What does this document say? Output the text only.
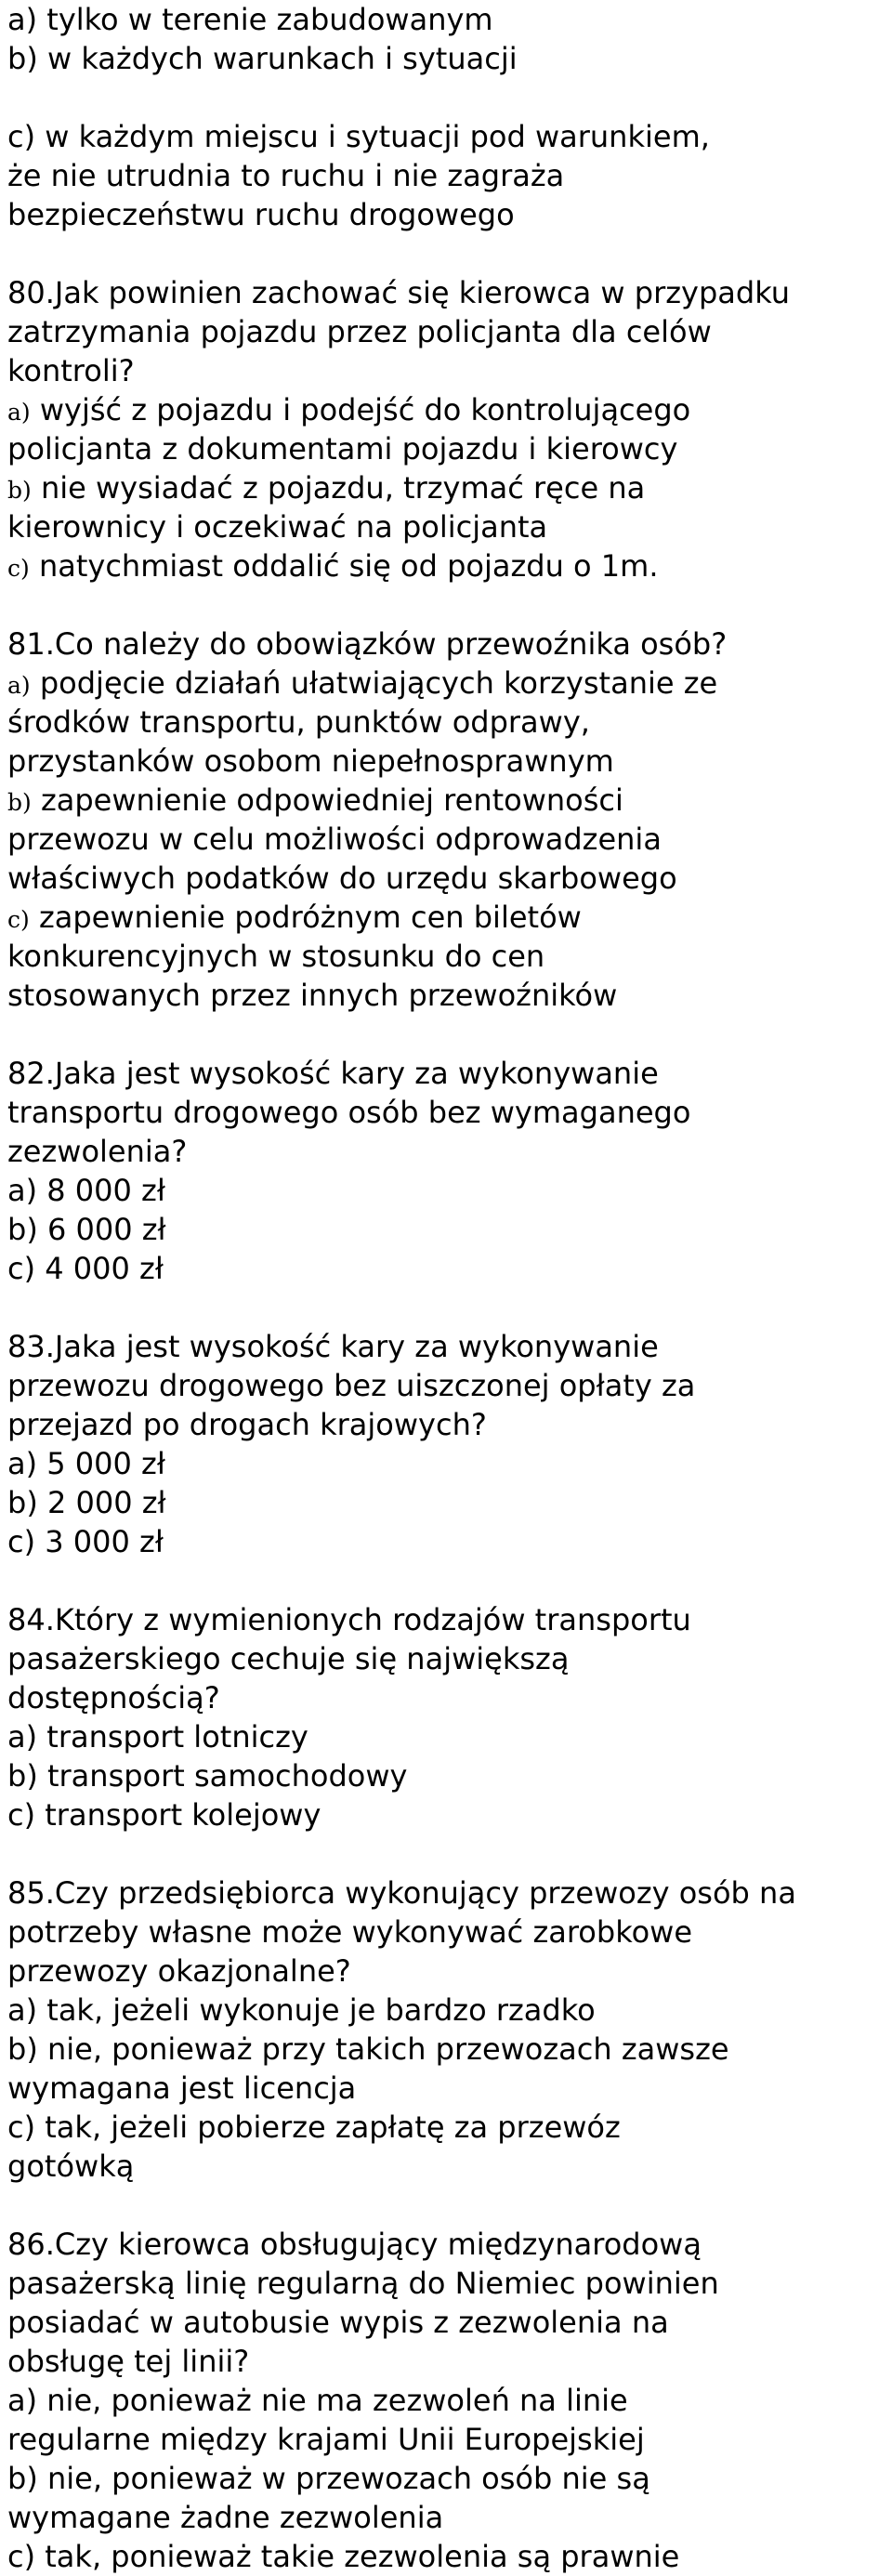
a) tylko w terenie zabudowanym
b) w każdych warunkach i sytuacji
c) w każdym miejscu i sytuacji pod warunkiem,
że nie utrudnia to ruchu i nie zagraża
bezpieczeństwu ruchu drogowego
80.Jak powinien zachować się kierowca w przypadku
zatrzymania pojazdu przez policjanta dla celów
kontroli?
a) wyjść z pojazdu i podejść do kontrolującego
policjanta z dokumentami pojazdu i kierowcy
b) nie wysiadać z pojazdu, trzymać ręce na
kierownicy i oczekiwać na policjanta
c) natychmiast oddalić się od pojazdu o 1m.
81.Co należy do obowiązków przewoźnika osób?
a) podjęcie działań ułatwiających korzystanie ze
środków transportu, punktów odprawy,
przystanków osobom niepełnosprawnym
b) zapewnienie odpowiedniej rentowności
przewozu w celu możliwości odprowadzenia
właściwych podatków do urzędu skarbowego
c) zapewnienie podróżnym cen biletów
konkurencyjnych w stosunku do cen
stosowanych przez innych przewoźników
82.Jaka jest wysokość kary za wykonywanie
transportu drogowego osób bez wymaganego
zezwolenia?
a) 8 000 zł
b) 6 000 zł
c) 4 000 zł
83.Jaka jest wysokość kary za wykonywanie
przewozu drogowego bez uiszczonej opłaty za
przejazd po drogach krajowych?
a) 5 000 zł
b) 2 000 zł
c) 3 000 zł
84.Który z wymienionych rodzajów transportu
pasażerskiego cechuje się największą
dostępnością?
a) transport lotniczy
b) transport samochodowy
c) transport kolejowy
85.Czy przedsiębiorca wykonujący przewozy osób na
potrzeby własne może wykonywać zarobkowe
przewozy okazjonalne?
a) tak, jeżeli wykonuje je bardzo rzadko
b) nie, ponieważ przy takich przewozach zawsze
wymagana jest licencja
c) tak, jeżeli pobierze zapłatę za przewóz
gotówką
86.Czy kierowca obsługujący międzynarodową
pasażerską linię regularną do Niemiec powinien
posiadać w autobusie wypis z zezwolenia na
obsługę tej linii?
a) nie, ponieważ nie ma zezwoleń na linie
regularne między krajami Unii Europejskiej
b) nie, ponieważ w przewozach osób nie są
wymagane żadne zezwolenia
c) tak, ponieważ takie zezwolenia są prawnie
